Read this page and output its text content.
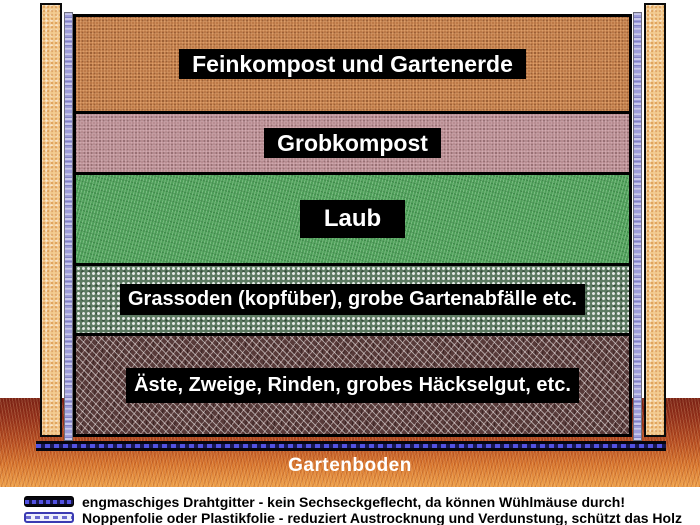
Feinkompost und Gartenerde
Grobkompost
Laub
Grassoden (kopfüber), grobe Gartenabfälle etc.
Äste, Zweige, Rinden, grobes Häckselgut, etc.
Gartenboden
engmaschiges Drahtgitter - kein Sechseckgeflecht, da können Wühlmäuse durch!
Noppenfolie oder Plastikfolie - reduziert Austrocknung und Verdunstung, schützt das Holz
